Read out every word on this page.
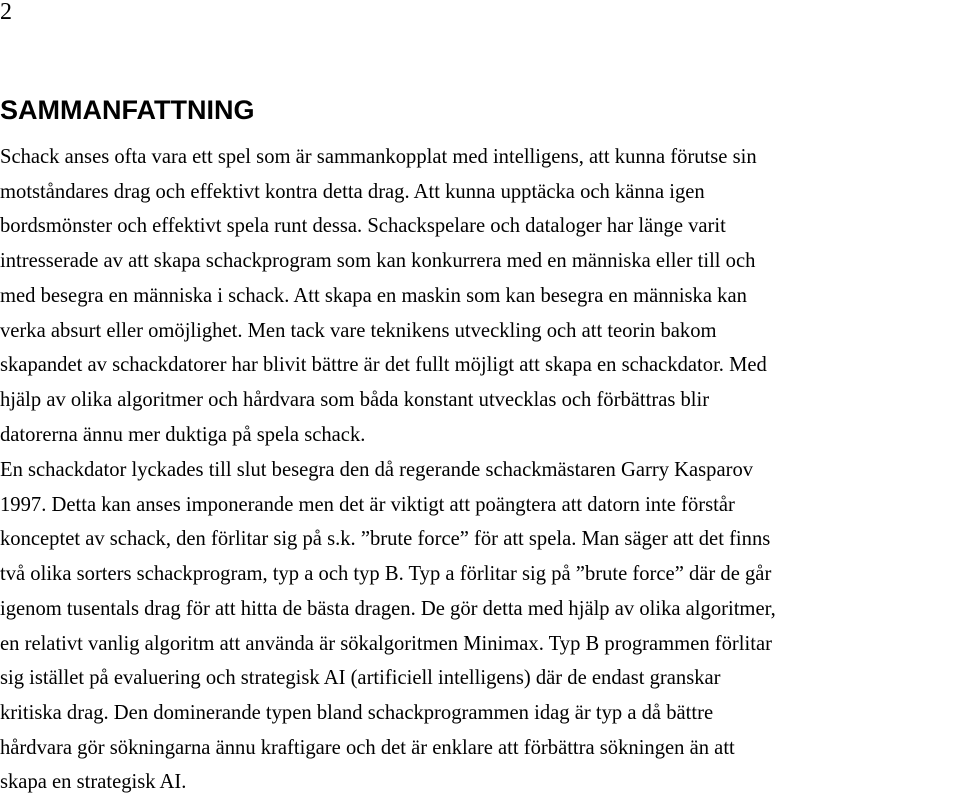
2
SAMMANFATTNING

Schack anses ofta vara ett spel som är sammankopplat med intelligens, att kunna förutse sin
motståndares drag och effektivt kontra detta drag. Att kunna upptäcka och känna igen
bordsmönster och effektivt spela runt dessa. Schackspelare och dataloger har länge varit
intresserade av att skapa schackprogram som kan konkurrera med en människa eller till och
med besegra en människa i schack. Att skapa en maskin som kan besegra en människa kan
verka absurt eller omöjlighet. Men tack vare teknikens utveckling och att teorin bakom
skapandet av schackdatorer har blivit bättre är det fullt möjligt att skapa en schackdator. Med
hjälp av olika algoritmer och hårdvara som båda konstant utvecklas och förbättras blir
datorerna ännu mer duktiga på spela schack.

En schackdator lyckades till slut besegra den då regerande schackmästaren Garry Kasparov
1997. Detta kan anses imponerande men det är viktigt att poängtera att datorn inte förstår
konceptet av schack, den förlitar sig på s.k. ”brute force” för att spela. Man säger att det finns
två olika sorters schackprogram, typ a och typ B. Typ a förlitar sig på ”brute force” där de går
igenom tusentals drag för att hitta de bästa dragen. De gör detta med hjälp av olika algoritmer,
en relativt vanlig algoritm att använda är sökalgoritmen Minimax. Typ B programmen förlitar
sig istället på evaluering och strategisk AI (artificiell intelligens) där de endast granskar
kritiska drag. Den dominerande typen bland schackprogrammen idag är typ a då bättre
hårdvara gör sökningarna ännu kraftigare och det är enklare att förbättra sökningen än att
skapa en strategisk AI.
